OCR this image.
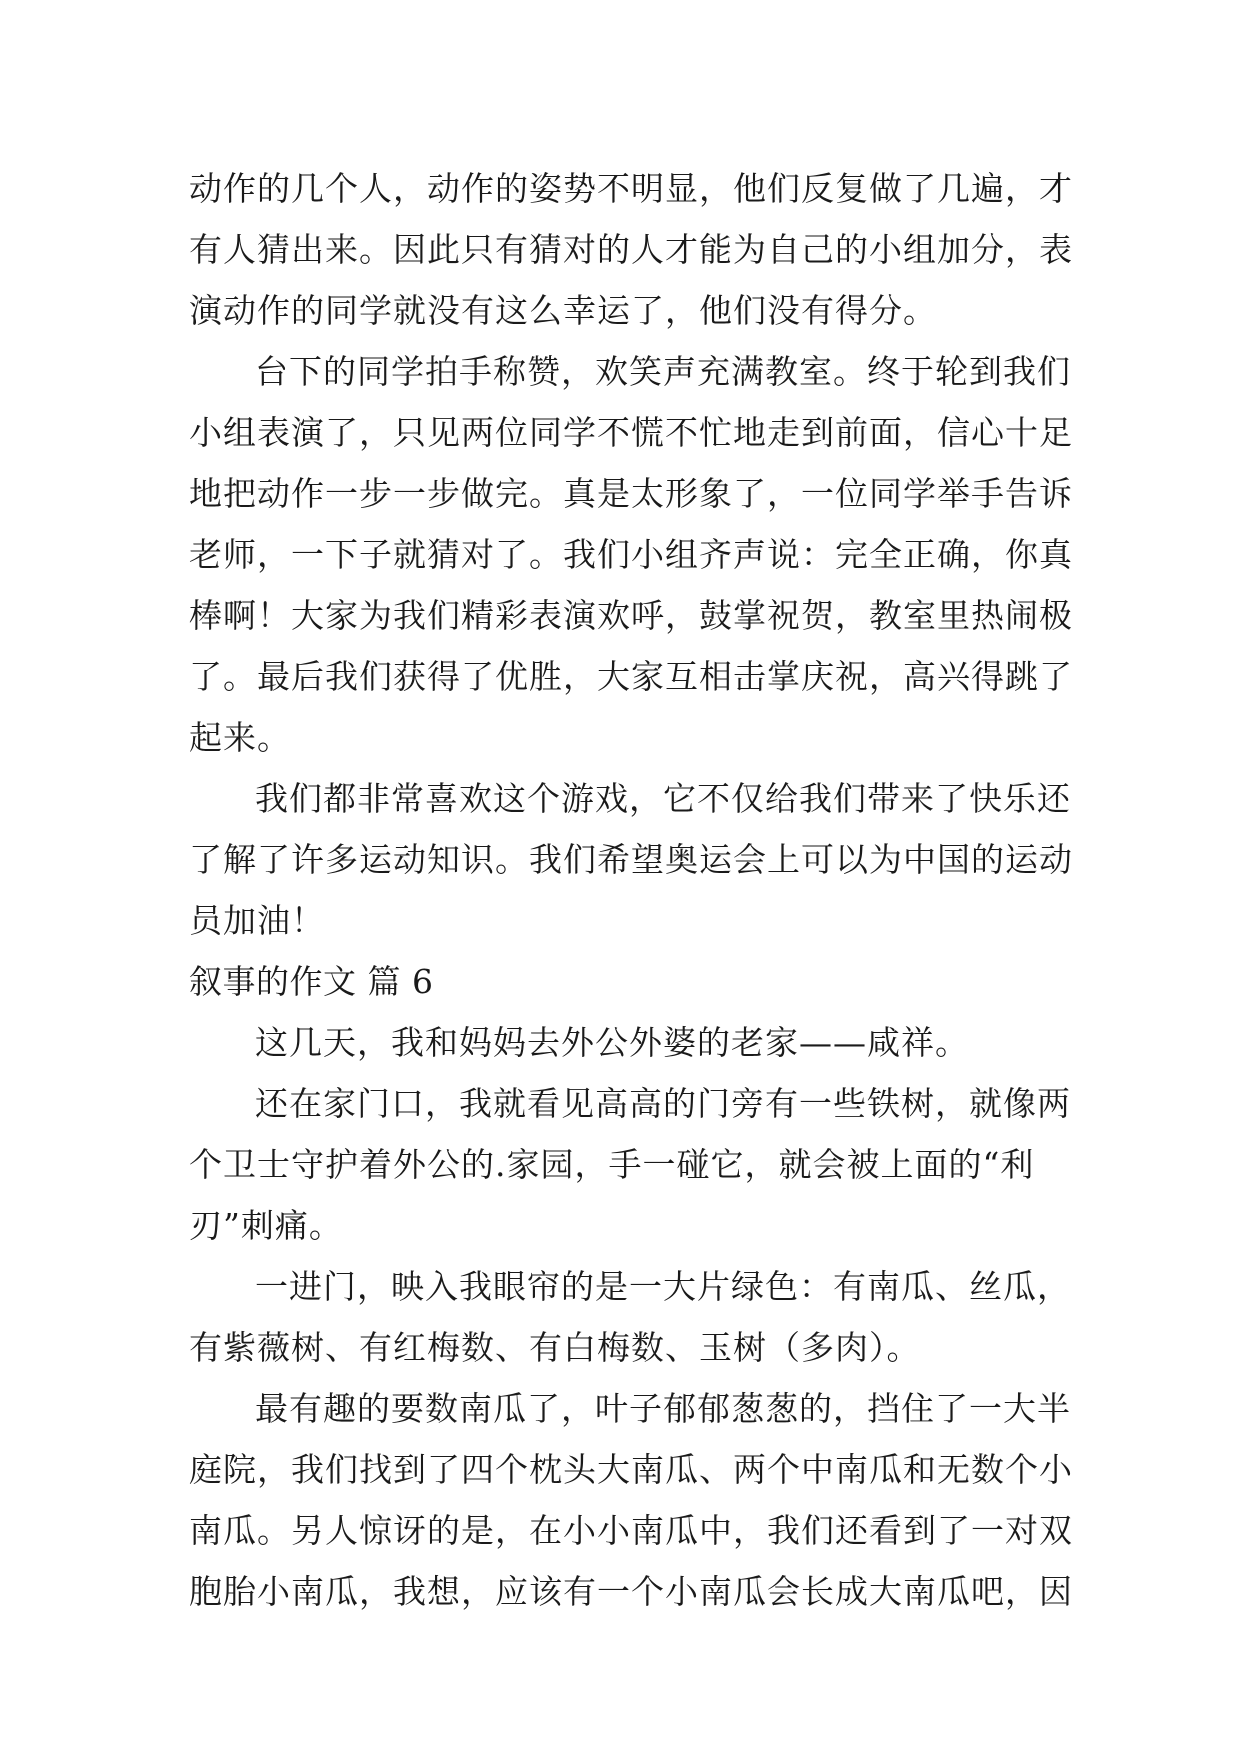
动作的几个人，动作的姿势不明显，他们反复做了几遍，才
有人猜出来。因此只有猜对的人才能为自己的小组加分，表
演动作的同学就没有这么幸运了，他们没有得分。
台下的同学拍手称赞，欢笑声充满教室。终于轮到我们
小组表演了，只见两位同学不慌不忙地走到前面，信心十足
地把动作一步一步做完。真是太形象了，一位同学举手告诉
老师，一下子就猜对了。我们小组齐声说：完全正确，你真
棒啊！大家为我们精彩表演欢呼，鼓掌祝贺，教室里热闹极
了。最后我们获得了优胜，大家互相击掌庆祝，高兴得跳了
起来。
我们都非常喜欢这个游戏，它不仅给我们带来了快乐还
了解了许多运动知识。我们希望奥运会上可以为中国的运动
员加油！
叙事的作文 篇 6
这几天，我和妈妈去外公外婆的老家——咸祥。
还在家门口，我就看见高高的门旁有一些铁树，就像两
个卫士守护着外公的.家园，手一碰它，就会被上面的“利
刃”刺痛。
一进门，映入我眼帘的是一大片绿色：有南瓜、丝瓜，
有紫薇树、有红梅数、有白梅数、玉树（多肉）。
最有趣的要数南瓜了，叶子郁郁葱葱的，挡住了一大半
庭院，我们找到了四个枕头大南瓜、两个中南瓜和无数个小
南瓜。另人惊讶的是，在小小南瓜中，我们还看到了一对双
胞胎小南瓜，我想，应该有一个小南瓜会长成大南瓜吧，因
